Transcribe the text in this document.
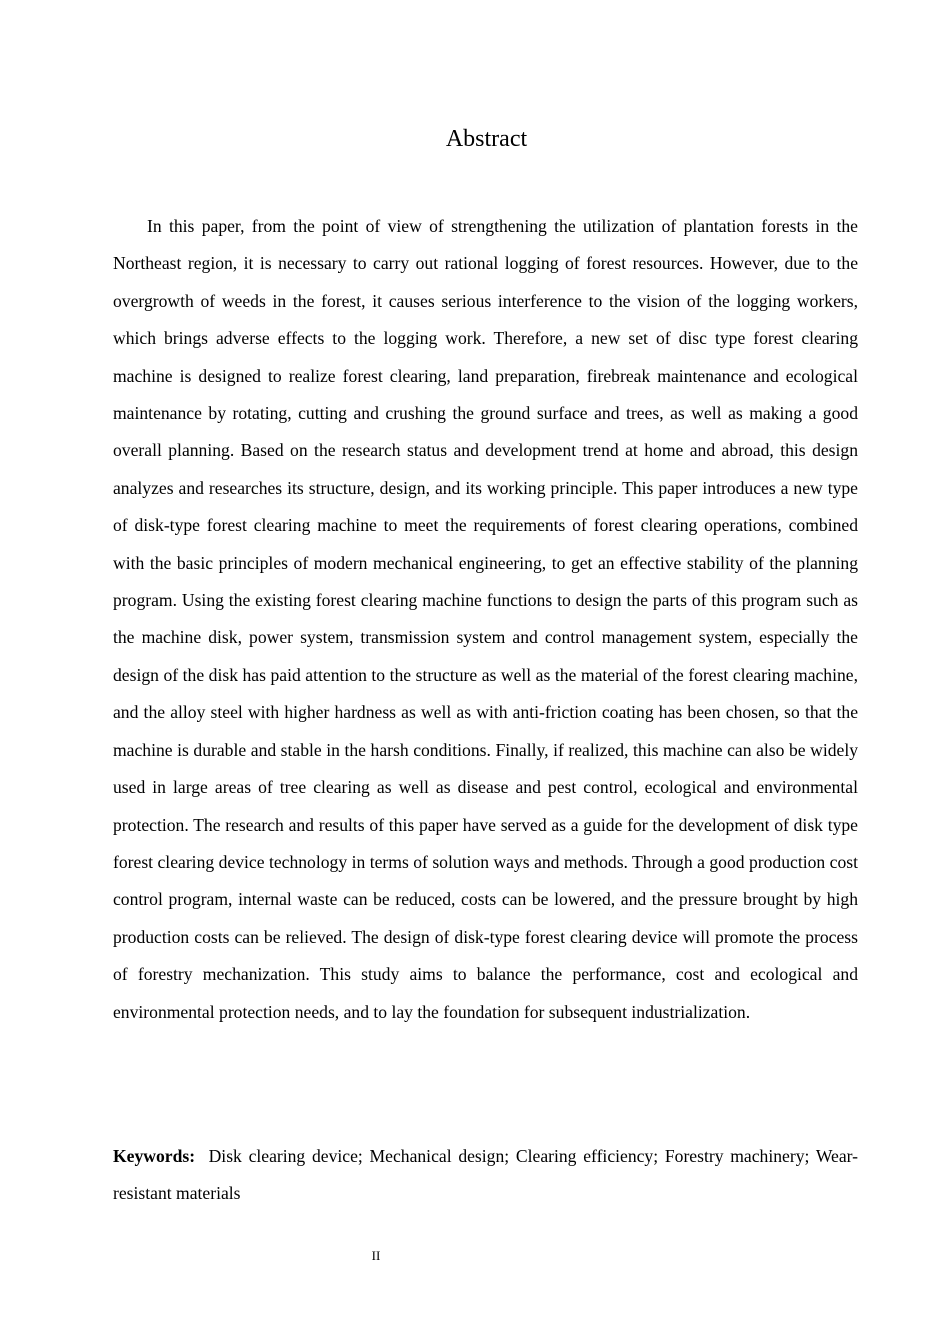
Abstract

In this paper, from the point of view of strengthening the utilization of plantation forests in the Northeast region, it is necessary to carry out rational logging of forest resources. However, due to the overgrowth of weeds in the forest, it causes serious interference to the vision of the logging workers, which brings adverse effects to the logging work. Therefore, a new set of disc type forest clearing machine is designed to realize forest clearing, land preparation, firebreak maintenance and ecological maintenance by rotating, cutting and crushing the ground surface and trees, as well as making a good overall planning. Based on the research status and development trend at home and abroad, this design analyzes and researches its structure, design, and its working principle. This paper introduces a new type of disk-type forest clearing machine to meet the requirements of forest clearing operations, combined with the basic principles of modern mechanical engineering, to get an effective stability of the planning program. Using the existing forest clearing machine functions to design the parts of this program such as the machine disk, power system, transmission system and control management system, especially the design of the disk has paid attention to the structure as well as the material of the forest clearing machine, and the alloy steel with higher hardness as well as with anti-friction coating has been chosen, so that the machine is durable and stable in the harsh conditions. Finally, if realized, this machine can also be widely used in large areas of tree clearing as well as disease and pest control, ecological and environmental protection. The research and results of this paper have served as a guide for the development of disk type forest clearing device technology in terms of solution ways and methods. Through a good production cost control program, internal waste can be reduced, costs can be lowered, and the pressure brought by high production costs can be relieved. The design of disk-type forest clearing device will promote the process of forestry mechanization. This study aims to balance the performance, cost and ecological and environmental protection needs, and to lay the foundation for subsequent industrialization.

Keywords: Disk clearing device; Mechanical design; Clearing efficiency; Forestry machinery; Wear-resistant materials

II
